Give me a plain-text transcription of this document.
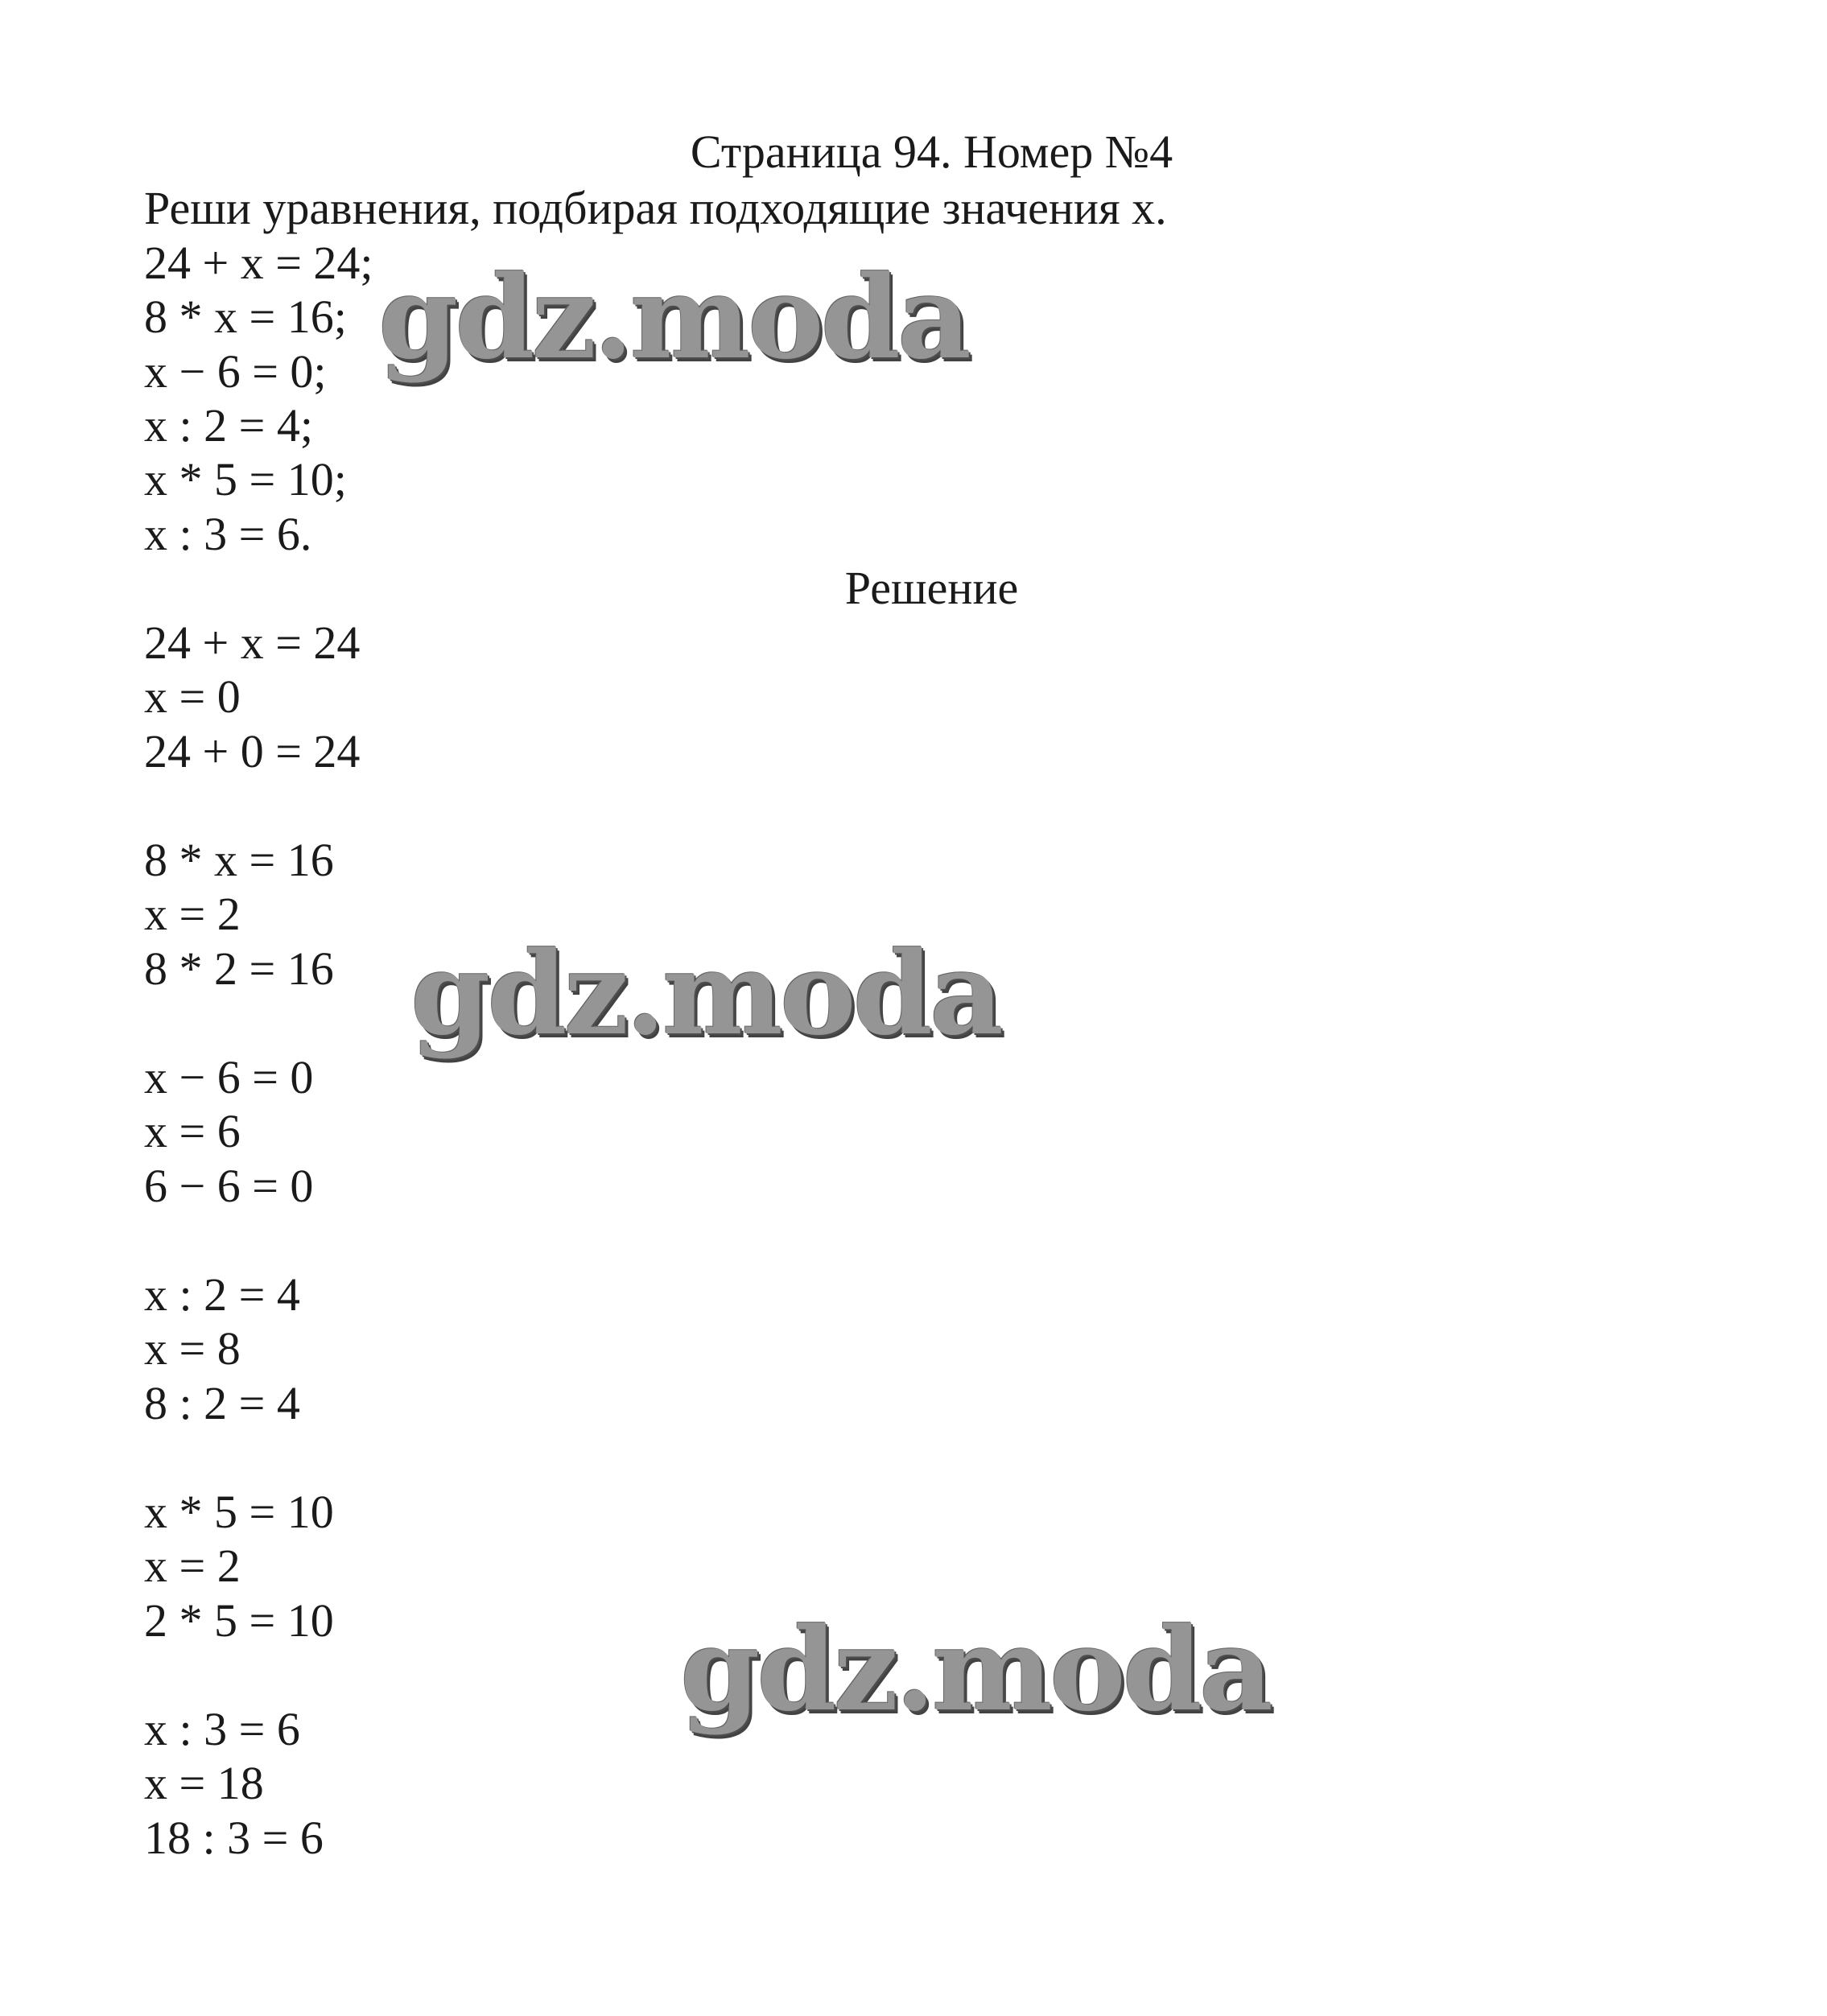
Страница 94. Номер №4
Реши уравнения, подбирая подходящие значения х.
24 + x = 24;
8 * x = 16;
x − 6 = 0;
x : 2 = 4;
x * 5 = 10;
x : 3 = 6.
Решение
24 + x = 24
x = 0
24 + 0 = 24
8 * x = 16
x = 2
8 * 2 = 16
x − 6 = 0
x = 6
6 − 6 = 0
x : 2 = 4
x = 8
8 : 2 = 4
x * 5 = 10
x = 2
2 * 5 = 10
x : 3 = 6
x = 18
18 : 3 = 6
gdz.moda
gdz.moda
gdz.moda
